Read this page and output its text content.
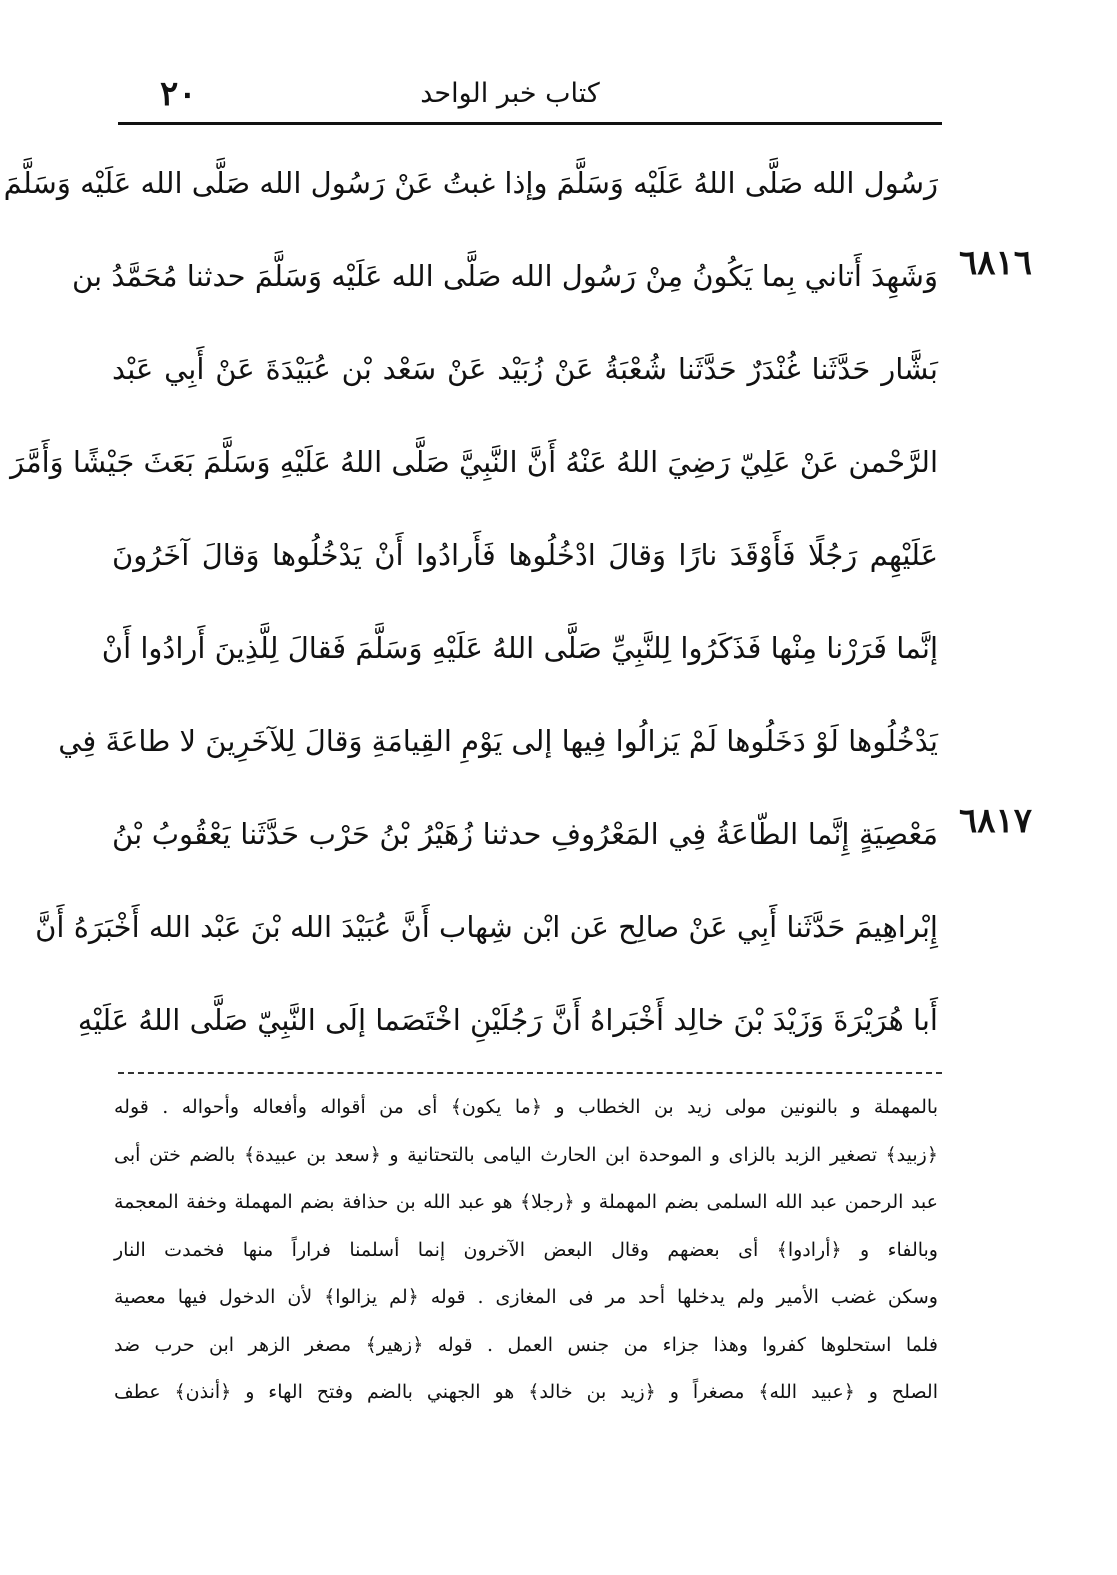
٢٠	كتاب خبر الواحد
رَسُول الله صَلَّى اللهُ عَلَيْه وَسَلَّمَ وإذا غبتُ عَنْ رَسُول الله صَلَّى الله عَلَيْه وَسَلَّمَ
وَشَهِدَ أَتاني بِما يَكُونُ مِنْ رَسُول الله صَلَّى الله عَلَيْه وَسَلَّمَ حدثنا مُحَمَّدُ بن
بَشَّار حَدَّثَنا غُنْدَرٌ حَدَّثَنا شُعْبَةُ عَنْ زُبَيْد عَنْ سَعْد بْن عُبَيْدَةَ عَنْ أَبِي عَبْد
الرَّحْمن عَنْ عَلِيّ رَضِيَ اللهُ عَنْهُ أَنَّ النَّبِيَّ صَلَّى اللهُ عَلَيْهِ وَسَلَّمَ بَعَثَ جَيْشًا وَأَمَّرَ
عَلَيْهِم رَجُلًا فَأَوْقَدَ نارًا وَقالَ ادْخُلُوها فَأَرادُوا أَنْ يَدْخُلُوها وَقالَ آخَرُونَ
إنَّما فَرَرْنا مِنْها فَذَكَرُوا لِلنَّبِيِّ صَلَّى اللهُ عَلَيْهِ وَسَلَّمَ فَقالَ لِلَّذِينَ أَرادُوا أَنْ
يَدْخُلُوها لَوْ دَخَلُوها لَمْ يَزالُوا فِيها إلى يَوْمِ القِيامَةِ وَقالَ لِلآخَرِينَ لا طاعَةَ فِي
مَعْصِيَةٍ إِنَّما الطّاعَةُ فِي المَعْرُوفِ حدثنا زُهَيْرُ بْنُ حَرْب حَدَّثَنا يَعْقُوبُ بْنُ
إِبْراهِيمَ حَدَّثَنا أَبِي عَنْ صالِح عَن ابْن شِهاب أَنَّ عُبَيْدَ الله بْنَ عَبْد الله أَخْبَرَهُ أَنَّ
أَبا هُرَيْرَةَ وَزَيْدَ بْنَ خالِد أَخْبَراهُ أَنَّ رَجُلَيْنِ اخْتَصَما إلَى النَّبِيّ صَلَّى اللهُ عَلَيْهِ
٦٨١٦
٦٨١٧
بالمهملة و بالنونين مولى زيد بن الخطاب و ﴿ما يكون﴾ أى من أقواله وأفعاله وأحواله . قوله
﴿زبيد﴾ تصغير الزبد بالزاى و الموحدة ابن الحارث اليامى بالتحتانية و ﴿سعد بن عبيدة﴾ بالضم ختن أبى
عبد الرحمن عبد الله السلمى بضم المهملة و ﴿رجلا﴾ هو عبد الله بن حذافة بضم المهملة وخفة المعجمة
وبالفاء و ﴿أرادوا﴾ أى بعضهم وقال البعض الآخرون إنما أسلمنا فراراً منها فخمدت النار
وسكن غضب الأمير ولم يدخلها أحد مر فى المغازى . قوله ﴿لم يزالوا﴾ لأن الدخول فيها معصية
فلما استحلوها كفروا وهذا جزاء من جنس العمل . قوله ﴿زهير﴾ مصغر الزهر ابن حرب ضد
الصلح و ﴿عبيد الله﴾ مصغراً و ﴿زيد بن خالد﴾ هو الجهني بالضم وفتح الهاء و ﴿أنذن﴾ عطف
